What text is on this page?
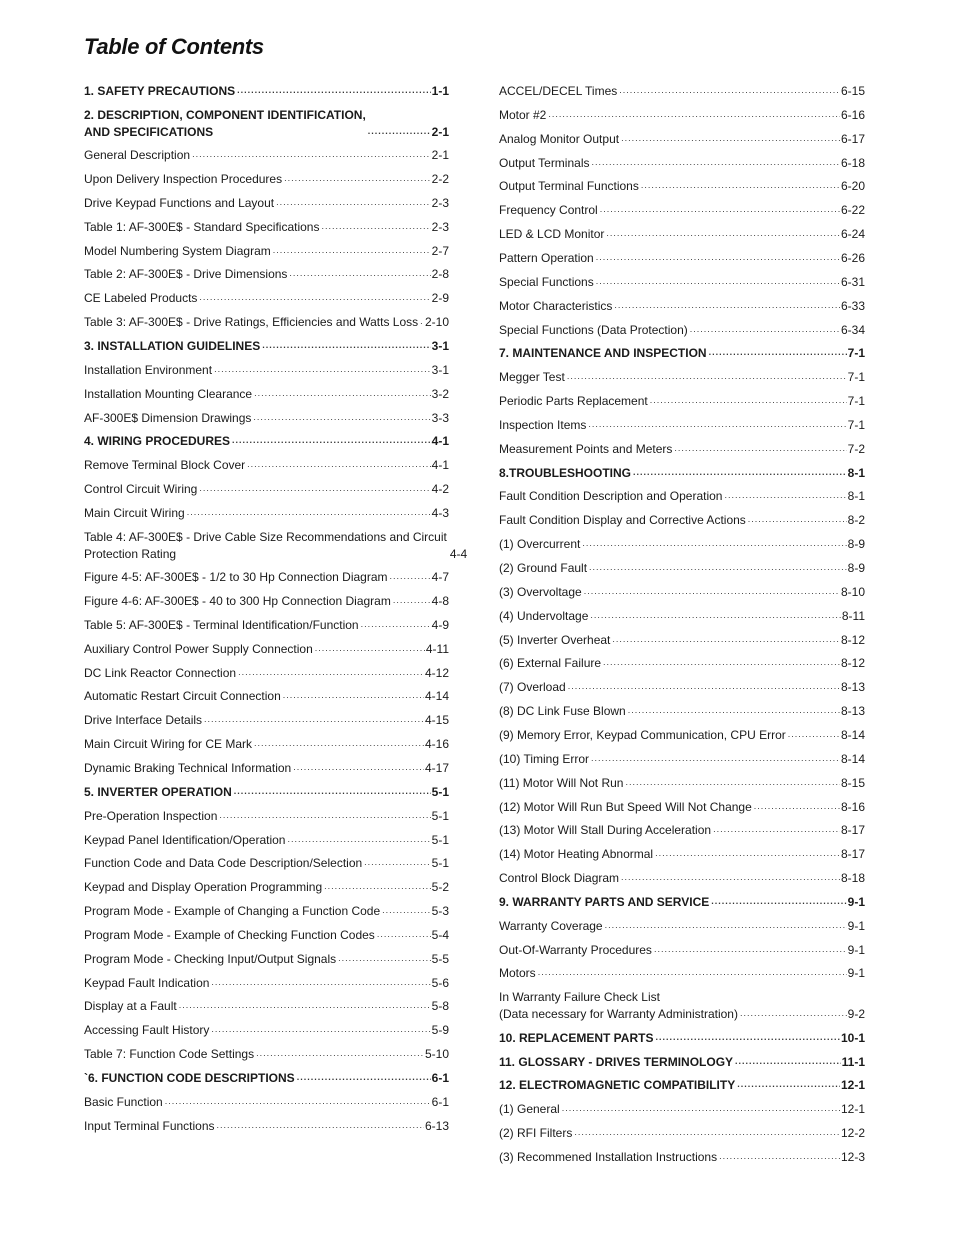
Table of Contents
1. SAFETY PRECAUTIONS .....	1-1
2. DESCRIPTION, COMPONENT IDENTIFICATION,
AND SPECIFICATIONS .....	2-1
General Description .....	2-1
Upon Delivery Inspection Procedures .....	2-2
Drive Keypad Functions and Layout .....	2-3
Table 1: AF-300E$ - Standard Specifications .....	2-3
Model Numbering System Diagram .....	2-7
Table 2: AF-300E$ - Drive Dimensions .....	2-8
CE Labeled Products .....	2-9
Table 3: AF-300E$ - Drive Ratings, Efficiencies and Watts Loss ..... 2-10
3. INSTALLATION GUIDELINES .....	3-1
Installation Environment .....	3-1
Installation Mounting Clearance .....	3-2
AF-300E$ Dimension Drawings .....	3-3
4. WIRING PROCEDURES .....	4-1
Remove Terminal Block Cover .....	4-1
Control Circuit Wiring .....	4-2
Main Circuit Wiring .....	4-3
Table 4: AF-300E$ - Drive Cable Size Recommendations and Circuit
Protection Rating	4-4
Figure 4-5: AF-300E$ - 1/2 to 30 Hp Connection Diagram .....	4-7
Figure 4-6: AF-300E$ - 40 to 300 Hp Connection Diagram .....	4-8
Table 5: AF-300E$ - Terminal Identification/Function .....	4-9
Auxiliary Control Power Supply Connection .....	4-11
DC Link Reactor Connection .....	4-12
Automatic Restart Circuit Connection .....	4-14
Drive Interface Details .....	4-15
Main Circuit Wiring for CE Mark .....	4-16
Dynamic Braking Technical Information .....	4-17
5. INVERTER OPERATION .....	5-1
Pre-Operation Inspection .....	5-1
Keypad Panel Identification/Operation .....	5-1
Function Code and Data Code Description/Selection .....	5-1
Keypad and Display Operation Programming .....	5-2
Program Mode - Example of Changing a Function Code .....	5-3
Program Mode - Example of Checking Function Codes .....	5-4
Program Mode - Checking Input/Output Signals .....	5-5
Keypad Fault Indication .....	5-6
Display at a Fault .....	5-8
Accessing Fault History .....	5-9
Table 7: Function Code Settings .....	5-10
`6. FUNCTION CODE DESCRIPTIONS .....	6-1
Basic Function .....	6-1
Input Terminal Functions .....	6-13
ACCEL/DECEL Times .....	6-15
Motor #2 .....	6-16
Analog Monitor Output .....	6-17
Output Terminals .....	6-18
Output Terminal Functions .....	6-20
Frequency Control .....	6-22
LED & LCD Monitor .....	6-24
Pattern Operation .....	6-26
Special Functions .....	6-31
Motor Characteristics .....	6-33
Special Functions (Data Protection) .....	6-34
7. MAINTENANCE AND INSPECTION .....	7-1
Megger Test .....	7-1
Periodic Parts Replacement .....	7-1
Inspection Items .....	7-1
Measurement Points and Meters .....	7-2
8.TROUBLESHOOTING .....	8-1
Fault Condition Description and Operation .....	8-1
Fault Condition Display and Corrective Actions .....	8-2
(1) Overcurrent .....	8-9
(2) Ground Fault .....	8-9
(3) Overvoltage .....	8-10
(4) Undervoltage .....	8-11
(5) Inverter Overheat .....	8-12
(6) External Failure .....	8-12
(7) Overload .....	8-13
(8) DC Link Fuse Blown .....	8-13
(9) Memory Error, Keypad Communication, CPU Error .....	8-14
(10) Timing Error .....	8-14
(11) Motor Will Not Run .....	8-15
(12) Motor Will Run But Speed Will Not Change .....	8-16
(13) Motor Will Stall During Acceleration .....	8-17
(14) Motor Heating Abnormal .....	8-17
Control Block Diagram .....	8-18
9. WARRANTY PARTS AND SERVICE .....	9-1
Warranty Coverage .....	9-1
Out-Of-Warranty Procedures .....	9-1
Motors .....	9-1
In Warranty Failure Check List
(Data necessary for Warranty Administration) .....	9-2
10. REPLACEMENT PARTS .....	10-1
11. GLOSSARY - DRIVES TERMINOLOGY .....	11-1
12. ELECTROMAGNETIC COMPATIBILITY .....	12-1
(1) General .....	12-1
(2) RFI Filters .....	12-2
(3) Recommened Installation Instructions .....	12-3
